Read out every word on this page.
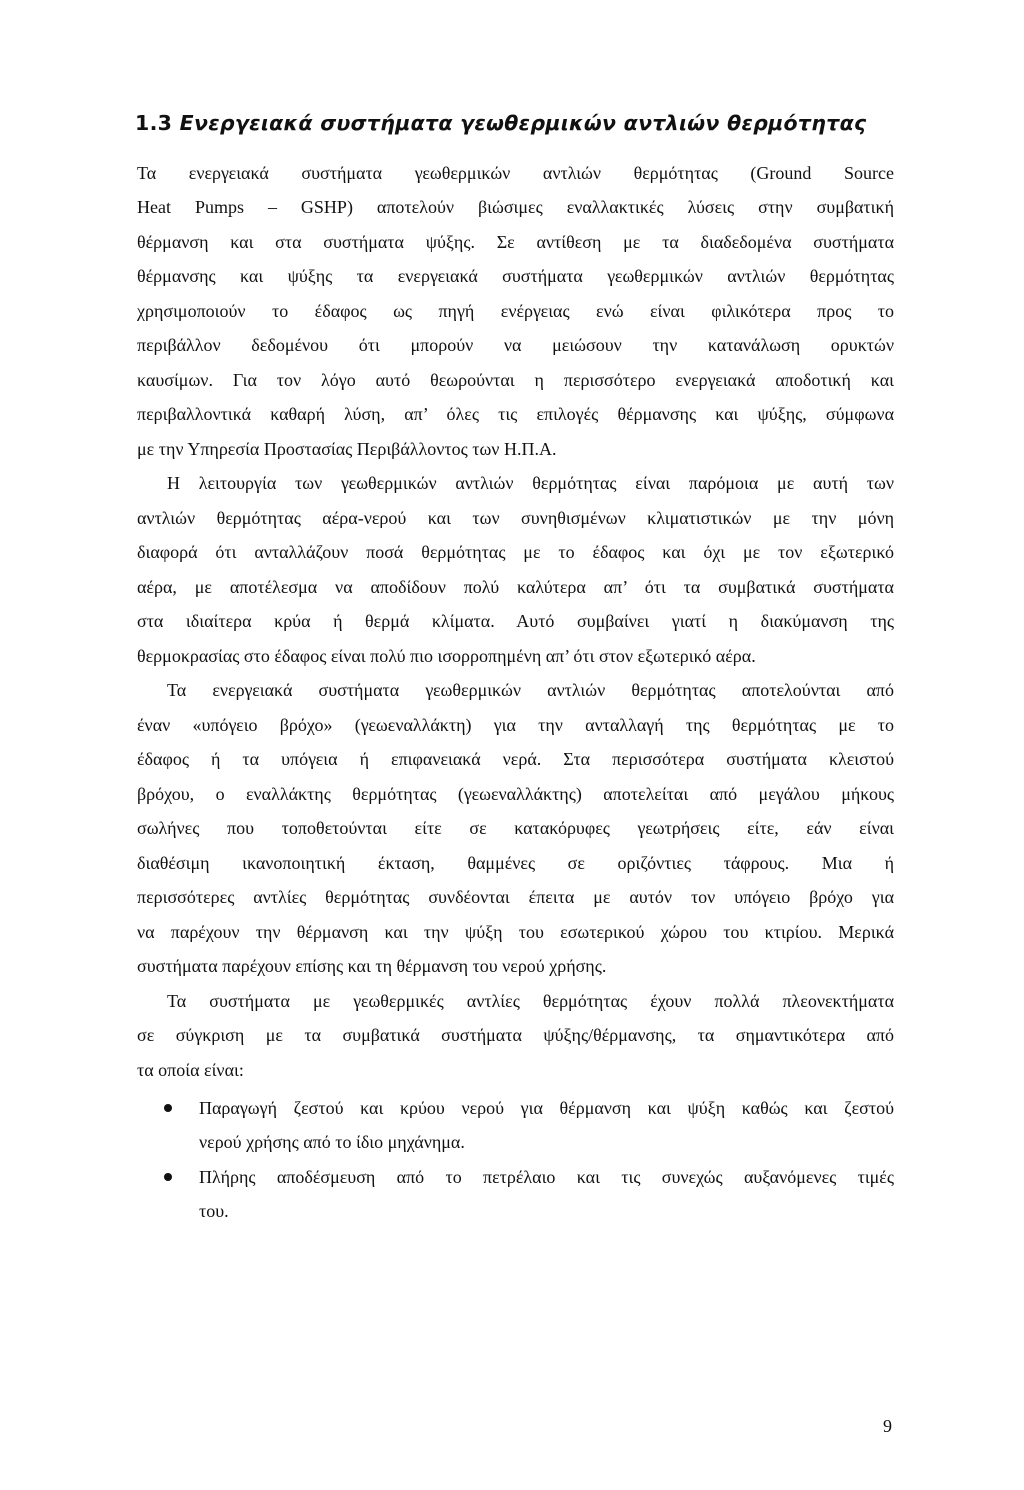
1.3 Ενεργειακά συστήματα γεωθερμικών αντλιών θερμότητας
Τα ενεργειακά συστήματα γεωθερμικών αντλιών θερμότητας (Ground Source
Heat Pumps – GSHP) αποτελούν βιώσιμες εναλλακτικές λύσεις στην συμβατική
θέρμανση και στα συστήματα ψύξης. Σε αντίθεση με τα διαδεδομένα συστήματα
θέρμανσης και ψύξης τα ενεργειακά συστήματα γεωθερμικών αντλιών θερμότητας
χρησιμοποιούν το έδαφος ως πηγή ενέργειας ενώ είναι φιλικότερα προς το
περιβάλλον δεδομένου ότι μπορούν να μειώσουν την κατανάλωση ορυκτών
καυσίμων. Για τον λόγο αυτό θεωρούνται η περισσότερο ενεργειακά αποδοτική και
περιβαλλοντικά καθαρή λύση, απ’ όλες τις επιλογές θέρμανσης και ψύξης, σύμφωνα
με την Υπηρεσία Προστασίας Περιβάλλοντος των Η.Π.Α.
Η λειτουργία των γεωθερμικών αντλιών θερμότητας είναι παρόμοια με αυτή των
αντλιών θερμότητας αέρα-νερού και των συνηθισμένων κλιματιστικών με την μόνη
διαφορά ότι ανταλλάζουν ποσά θερμότητας με το έδαφος και όχι με τον εξωτερικό
αέρα, με αποτέλεσμα να αποδίδουν πολύ καλύτερα απ’ ότι τα συμβατικά συστήματα
στα ιδιαίτερα κρύα ή θερμά κλίματα. Αυτό συμβαίνει γιατί η διακύμανση της
θερμοκρασίας στο έδαφος είναι πολύ πιο ισορροπημένη απ’ ότι στον εξωτερικό αέρα.
Τα ενεργειακά συστήματα γεωθερμικών αντλιών θερμότητας αποτελούνται από
έναν «υπόγειο βρόχο» (γεωεναλλάκτη) για την ανταλλαγή της θερμότητας με το
έδαφος ή τα υπόγεια ή επιφανειακά νερά. Στα περισσότερα συστήματα κλειστού
βρόχου, ο εναλλάκτης θερμότητας (γεωεναλλάκτης) αποτελείται από μεγάλου μήκους
σωλήνες που τοποθετούνται είτε σε κατακόρυφες γεωτρήσεις είτε, εάν είναι
διαθέσιμη ικανοποιητική έκταση, θαμμένες σε οριζόντιες τάφρους. Μια ή
περισσότερες αντλίες θερμότητας συνδέονται έπειτα με αυτόν τον υπόγειο βρόχο για
να παρέχουν την θέρμανση και την ψύξη του εσωτερικού χώρου του κτιρίου. Μερικά
συστήματα παρέχουν επίσης και τη θέρμανση του νερού χρήσης.
Τα συστήματα με γεωθερμικές αντλίες θερμότητας έχουν πολλά πλεονεκτήματα
σε σύγκριση με τα συμβατικά συστήματα ψύξης/θέρμανσης, τα σημαντικότερα από
τα οποία είναι:
Παραγωγή ζεστού και κρύου νερού για θέρμανση και ψύξη καθώς και ζεστού
νερού χρήσης από το ίδιο μηχάνημα.
Πλήρης αποδέσμευση από το πετρέλαιο και τις συνεχώς αυξανόμενες τιμές
του.
9
